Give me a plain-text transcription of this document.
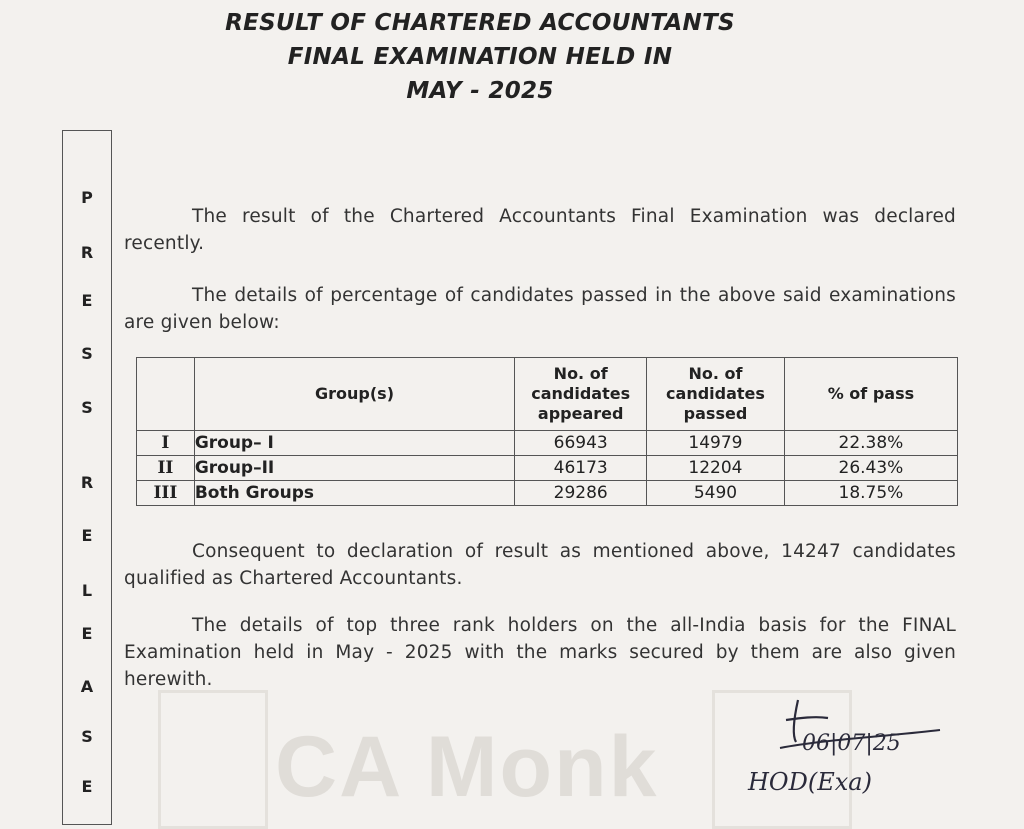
CA Monk
RESULT OF CHARTERED ACCOUNTANTS
FINAL EXAMINATION HELD IN
MAY - 2025
P
R
E
S
S
R
E
L
E
A
S
E
The result of the Chartered Accountants Final Examination was declared recently.
The details of percentage of candidates passed in the above said examinations are given below:
	Group(s)	No. of candidates appeared	No. of candidates passed	% of pass
I	Group– I	66943	14979	22.38%
II	Group–II	46173	12204	26.43%
III	Both Groups	29286	5490	18.75%
Consequent to declaration of result as mentioned above, 14247 candidates qualified as Chartered Accountants.
The details of top three rank holders on the all-India basis for the FINAL Examination held in May - 2025 with the marks secured by them are also given herewith.
06|07|25
HOD(Exa)
